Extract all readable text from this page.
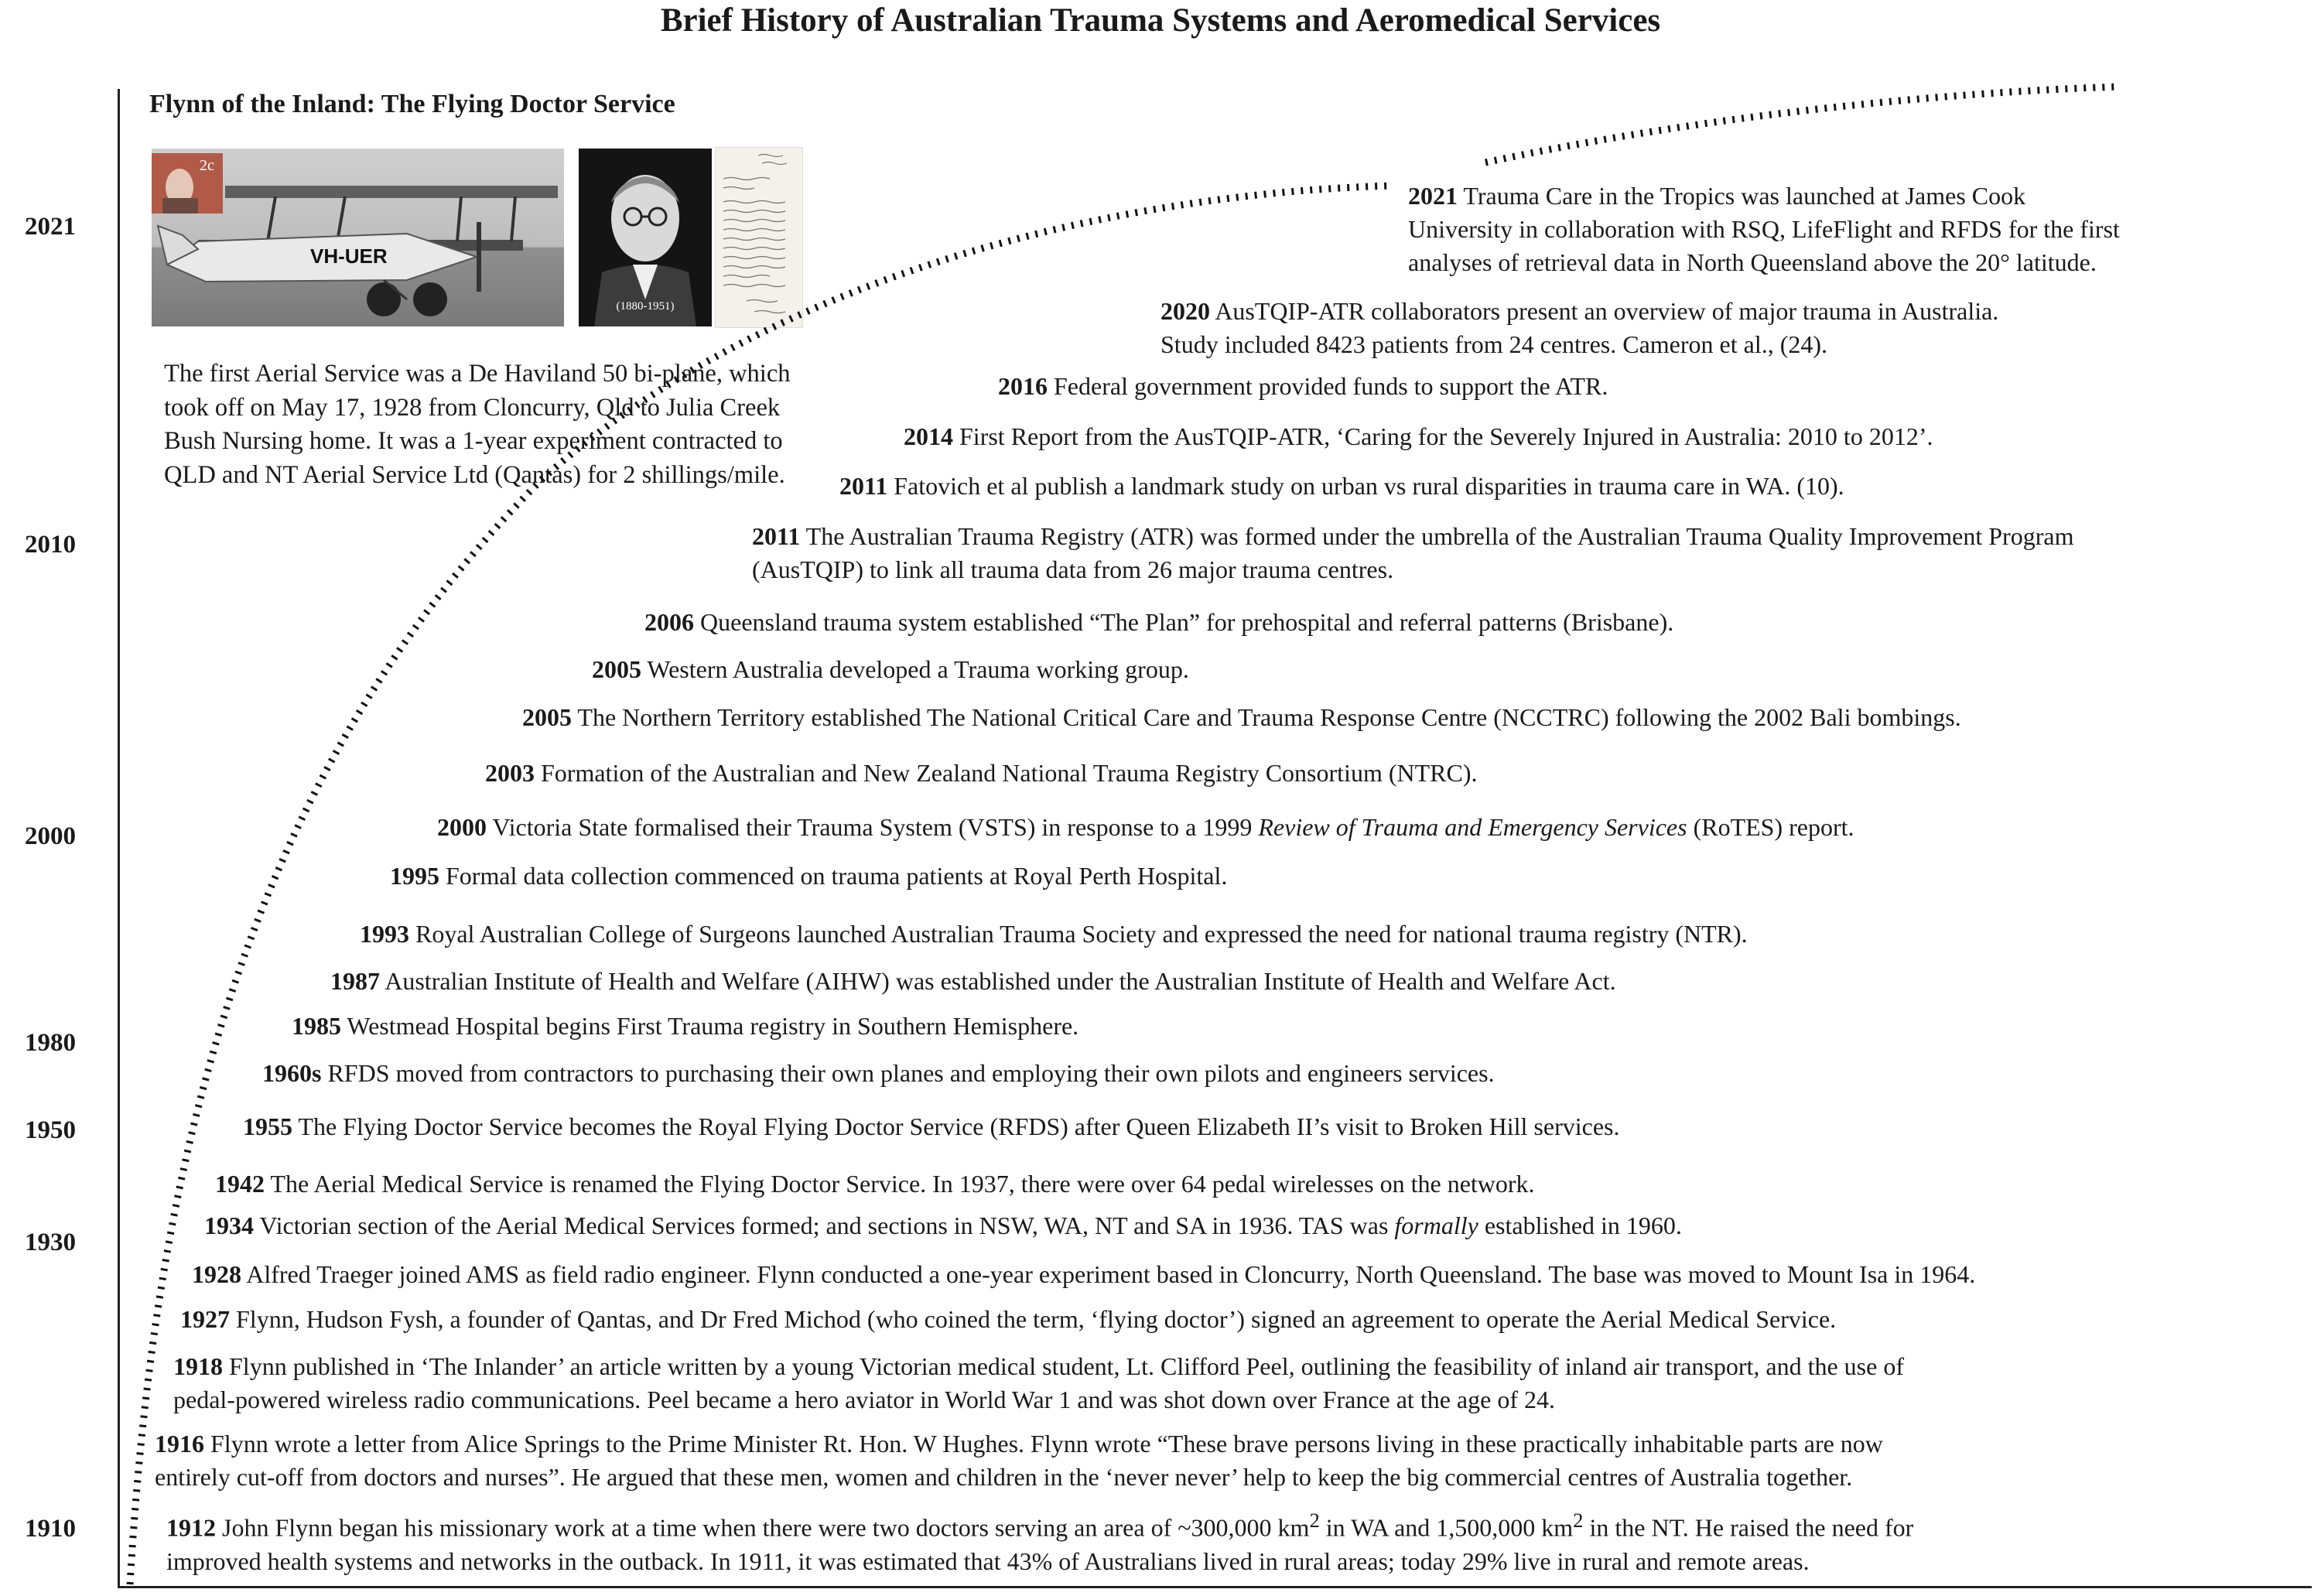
Brief History of Australian Trauma Systems and Aeromedical Services
2021
2010
2000
1980
1950
1930
1910
Flynn of the Inland: The Flying Doctor Service
VH-UER
2c
(1880-1951)
The first Aerial Service was a De Haviland 50 bi-plane, which took off on May 17, 1928 from Cloncurry, Qld to Julia Creek Bush Nursing home. It was a 1-year experiment contracted to QLD and NT Aerial Service Ltd (Qantas) for 2 shillings/mile.
2021 Trauma Care in the Tropics was launched at James Cook
University in collaboration with RSQ, LifeFlight and RFDS for the first
analyses of retrieval data in North Queensland above the 20° latitude.
2020 AusTQIP-ATR collaborators present an overview of major trauma in Australia.
Study included 8423 patients from 24 centres. Cameron et al., (24).
2016 Federal government provided funds to support the ATR.
2014 First Report from the AusTQIP-ATR, ‘Caring for the Severely Injured in Australia: 2010 to 2012’.
2011 Fatovich et al publish a landmark study on urban vs rural disparities in trauma care in WA. (10).
2011 The Australian Trauma Registry (ATR) was formed under the umbrella of the Australian Trauma Quality Improvement Program
(AusTQIP) to link all trauma data from 26 major trauma centres.
2006 Queensland trauma system established “The Plan” for prehospital and referral patterns (Brisbane).
2005 Western Australia developed a Trauma working group.
2005 The Northern Territory established The National Critical Care and Trauma Response Centre (NCCTRC) following the 2002 Bali bombings.
2003 Formation of the Australian and New Zealand National Trauma Registry Consortium (NTRC).
2000 Victoria State formalised their Trauma System (VSTS) in response to a 1999 Review of Trauma and Emergency Services (RoTES) report.
1995 Formal data collection commenced on trauma patients at Royal Perth Hospital.
1993 Royal Australian College of Surgeons launched Australian Trauma Society and expressed the need for national trauma registry (NTR).
1987 Australian Institute of Health and Welfare (AIHW) was established under the Australian Institute of Health and Welfare Act.
1985 Westmead Hospital begins First Trauma registry in Southern Hemisphere.
1960s RFDS moved from contractors to purchasing their own planes and employing their own pilots and engineers services.
1955 The Flying Doctor Service becomes the Royal Flying Doctor Service (RFDS) after Queen Elizabeth II’s visit to Broken Hill services.
1942 The Aerial Medical Service is renamed the Flying Doctor Service. In 1937, there were over 64 pedal wirelesses on the network.
1934 Victorian section of the Aerial Medical Services formed; and sections in NSW, WA, NT and SA in 1936. TAS was formally established in 1960.
1928 Alfred Traeger joined AMS as field radio engineer. Flynn conducted a one-year experiment based in Cloncurry, North Queensland. The base was moved to Mount Isa in 1964.
1927 Flynn, Hudson Fysh, a founder of Qantas, and Dr Fred Michod (who coined the term, ‘flying doctor’) signed an agreement to operate the Aerial Medical Service.
1918 Flynn published in ‘The Inlander’ an article written by a young Victorian medical student, Lt. Clifford Peel, outlining the feasibility of inland air transport, and the use of
pedal-powered wireless radio communications. Peel became a hero aviator in World War 1 and was shot down over France at the age of 24.
1916 Flynn wrote a letter from Alice Springs to the Prime Minister Rt. Hon. W Hughes. Flynn wrote “These brave persons living in these practically inhabitable parts are now
entirely cut-off from doctors and nurses”. He argued that these men, women and children in the ‘never never’ help to keep the big commercial centres of Australia together.
1912 John Flynn began his missionary work at a time when there were two doctors serving an area of ~300,000 $km^2$ in WA and 1,500,000 $km^2$ in the NT. He raised the need for
improved health systems and networks in the outback. In 1911, it was estimated that 43% of Australians lived in rural areas; today 29% live in rural and remote areas.
